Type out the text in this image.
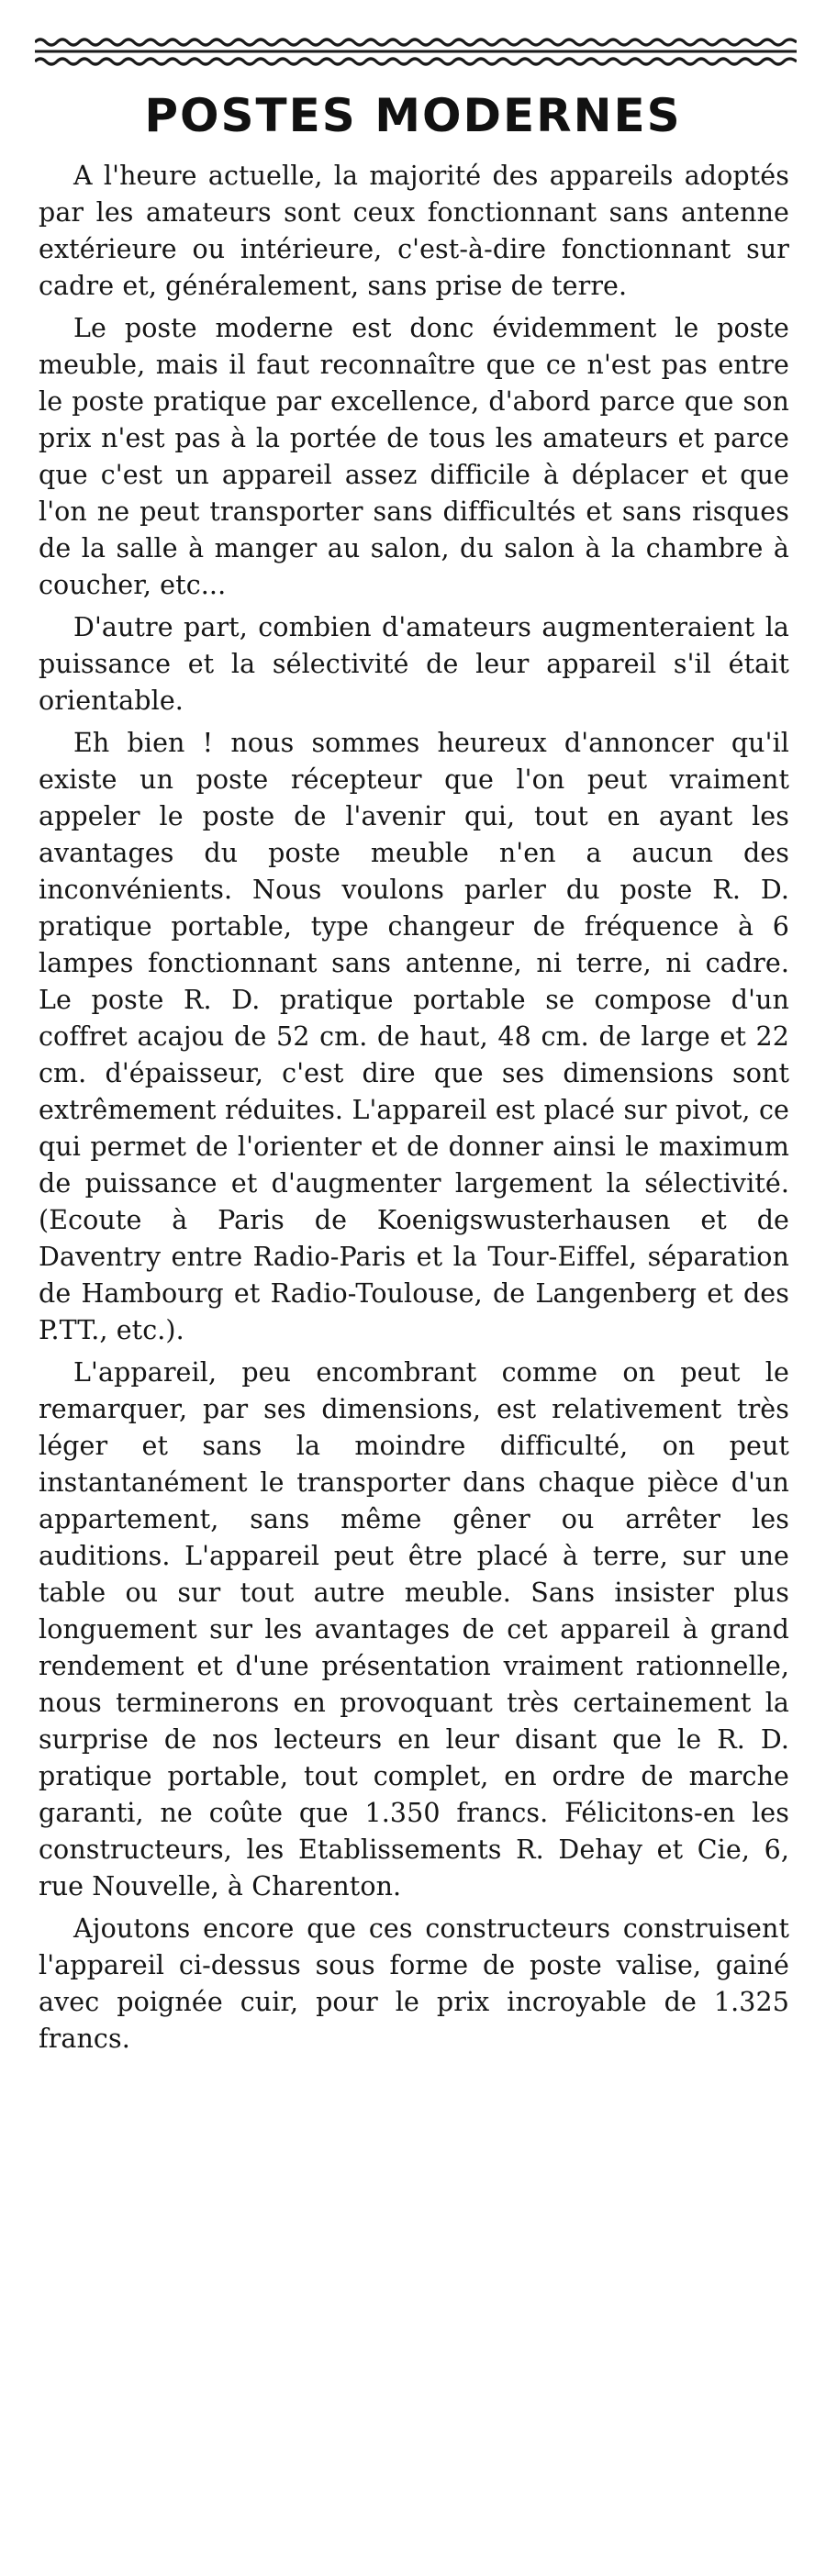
POSTES MODERNES

A l'heure actuelle, la majorité des appareils adoptés par les amateurs sont ceux fonctionnant sans antenne extérieure ou intérieure, c'est-à-dire fonctionnant sur cadre et, généralement, sans prise de terre.

Le poste moderne est donc évidemment le poste meuble, mais il faut reconnaître que ce n'est pas entre le poste pratique par excellence, d'abord parce que son prix n'est pas à la portée de tous les amateurs et parce que c'est un appareil assez difficile à déplacer et que l'on ne peut transporter sans difficultés et sans risques de la salle à manger au salon, du salon à la chambre à coucher, etc...

D'autre part, combien d'amateurs augmenteraient la puissance et la sélectivité de leur appareil s'il était orientable.

Eh bien ! nous sommes heureux d'annoncer qu'il existe un poste récepteur que l'on peut vraiment appeler le poste de l'avenir qui, tout en ayant les avantages du poste meuble n'en a aucun des inconvénients. Nous voulons parler du poste R. D. pratique portable, type changeur de fréquence à 6 lampes fonctionnant sans antenne, ni terre, ni cadre. Le poste R. D. pratique portable se compose d'un coffret acajou de 52 cm. de haut, 48 cm. de large et 22 cm. d'épaisseur, c'est dire que ses dimensions sont extrêmement réduites. L'appareil est placé sur pivot, ce qui permet de l'orienter et de donner ainsi le maximum de puissance et d'augmenter largement la sélectivité. (Ecoute à Paris de Koenigswusterhausen et de Daventry entre Radio-Paris et la Tour-Eiffel, séparation de Hambourg et Radio-Toulouse, de Langenberg et des P.TT., etc.).

L'appareil, peu encombrant comme on peut le remarquer, par ses dimensions, est relativement très léger et sans la moindre difficulté, on peut instantanément le transporter dans chaque pièce d'un appartement, sans même gêner ou arrêter les auditions. L'appareil peut être placé à terre, sur une table ou sur tout autre meuble. Sans insister plus longuement sur les avantages de cet appareil à grand rendement et d'une présentation vraiment rationnelle, nous terminerons en provoquant très certainement la surprise de nos lecteurs en leur disant que le R. D. pratique portable, tout complet, en ordre de marche garanti, ne coûte que 1.350 francs. Félicitons-en les constructeurs, les Etablissements R. Dehay et Cie, 6, rue Nouvelle, à Charenton.

Ajoutons encore que ces constructeurs construisent l'appareil ci-dessus sous forme de poste valise, gainé avec poignée cuir, pour le prix incroyable de 1.325 francs.
